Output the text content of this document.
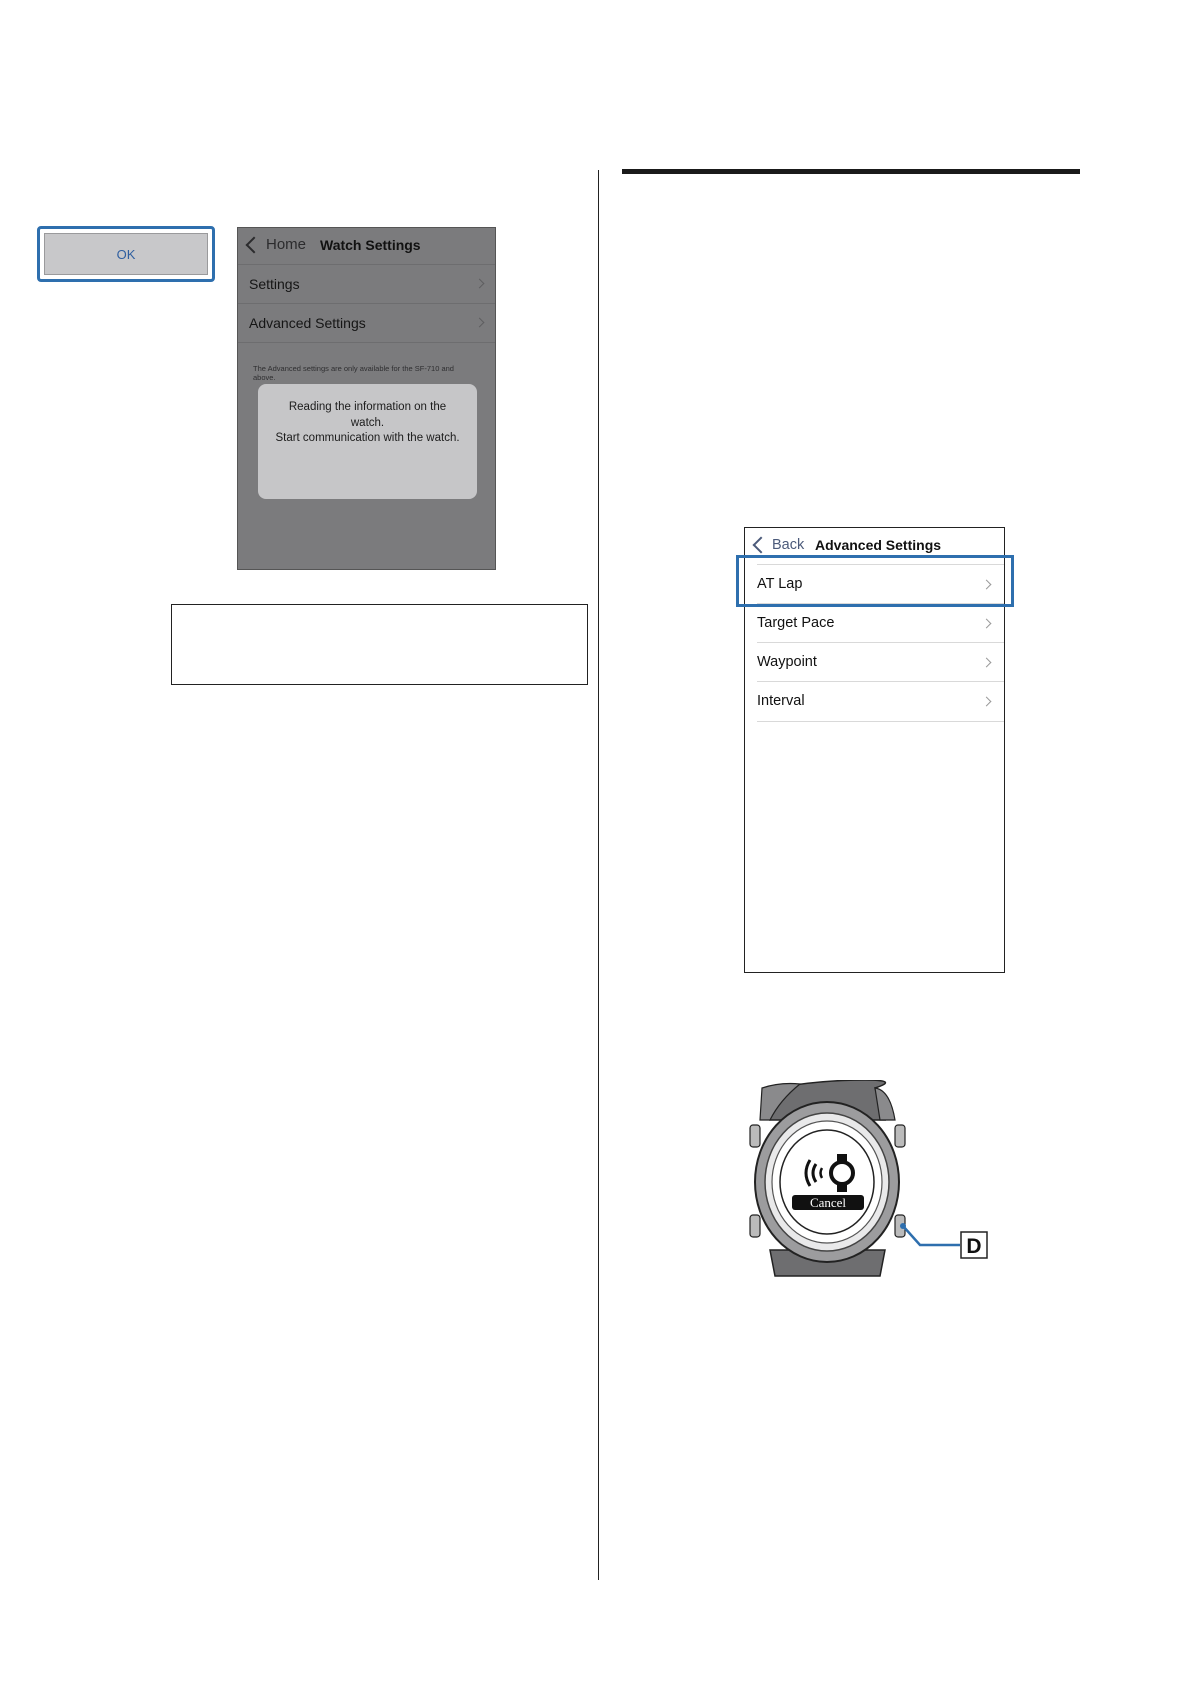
Home Watch Settings
Settings
Advanced Settings
The Advanced settings are only available for the SF-710 and above.
Reading the information on the
watch.
Start communication with the watch.
OK
Back Advanced Settings
AT Lap
Target Pace
Waypoint
Interval
Cancel
D
